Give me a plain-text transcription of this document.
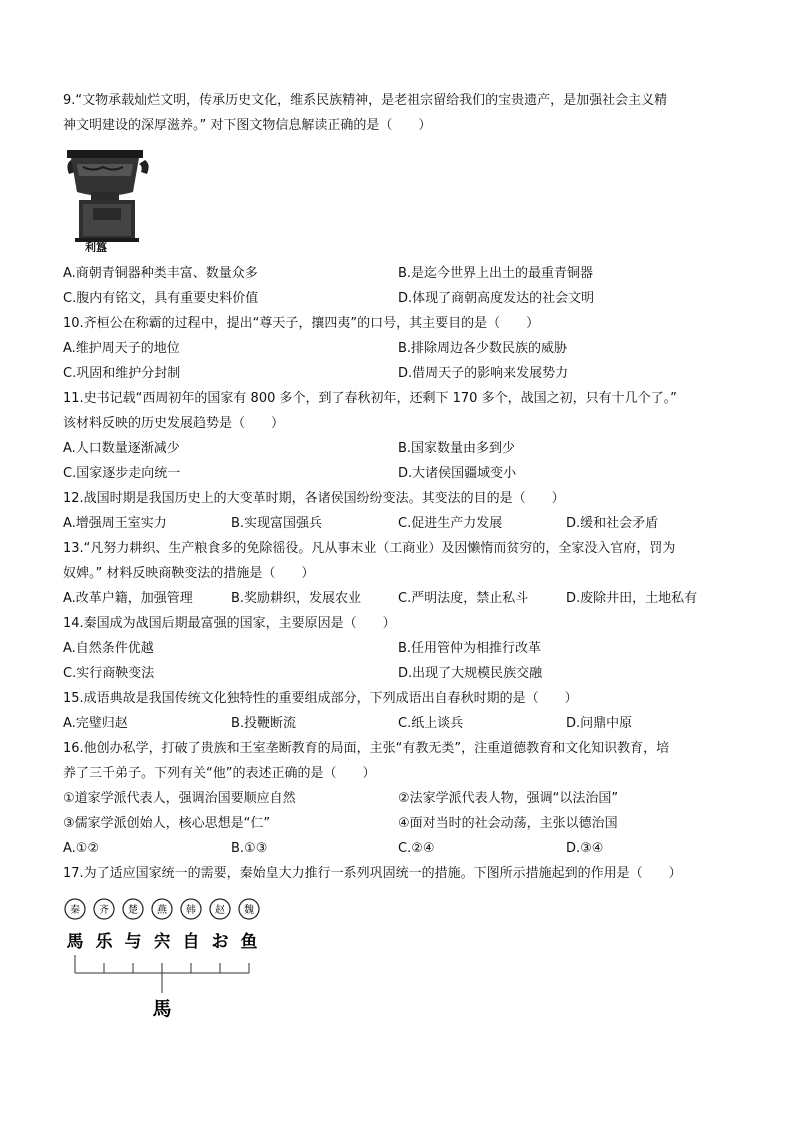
9.“文物承载灿烂文明，传承历史文化，维系民族精神，是老祖宗留给我们的宝贵遗产，是加强社会主义精
神文明建设的深厚滋养。” 对下图文物信息解读正确的是（　　）
利簋
A.商朝青铜器种类丰富、数量众多	B.是迄今世界上出土的最重青铜器
C.腹内有铭文，具有重要史料价值	D.体现了商朝高度发达的社会文明
10.齐桓公在称霸的过程中，提出“尊天子，攘四夷”的口号，其主要目的是（　　）
A.维护周天子的地位	B.排除周边各少数民族的威胁
C.巩固和维护分封制	D.借周天子的影响来发展势力
11.史书记载“西周初年的国家有 800 多个，到了春秋初年，还剩下 170 多个，战国之初，只有十几个了。”
该材料反映的历史发展趋势是（　　）
A.人口数量逐渐减少	B.国家数量由多到少
C.国家逐步走向统一	D.大诸侯国疆域变小
12.战国时期是我国历史上的大变革时期，各诸侯国纷纷变法。其变法的目的是（　　）
A.增强周王室实力	B.实现富国强兵	C.促进生产力发展	D.缓和社会矛盾
13.“凡努力耕织、生产粮食多的免除徭役。凡从事末业（工商业）及因懒惰而贫穷的，全家没入官府，罚为
奴婢。” 材料反映商鞅变法的措施是（　　）
A.改革户籍，加强管理	B.奖励耕织，发展农业	C.严明法度，禁止私斗	D.废除井田，土地私有
14.秦国成为战国后期最富强的国家，主要原因是（　　）
A.自然条件优越	B.任用管仲为相推行改革
C.实行商鞅变法	D.出现了大规模民族交融
15.成语典故是我国传统文化独特性的重要组成部分，下列成语出自春秋时期的是（　　）
A.完璧归赵	B.投鞭断流	C.纸上谈兵	D.问鼎中原
16.他创办私学，打破了贵族和王室垄断教育的局面，主张“有教无类”，注重道德教育和文化知识教育，培
养了三千弟子。下列有关“他”的表述正确的是（　　）
①道家学派代表人，强调治国要顺应自然	②法家学派代表人物，强调“以法治国”
③儒家学派创始人，核心思想是“仁”	④面对当时的社会动荡，主张以德治国
A.①②	B.①③	C.②④	D.③④
17.为了适应国家统一的需要，秦始皇大力推行一系列巩固统一的措施。下图所示措施起到的作用是（　　）
秦 齐 楚 燕 韩 赵 魏
馬 乐 与 宍 自 お 鱼
馬
